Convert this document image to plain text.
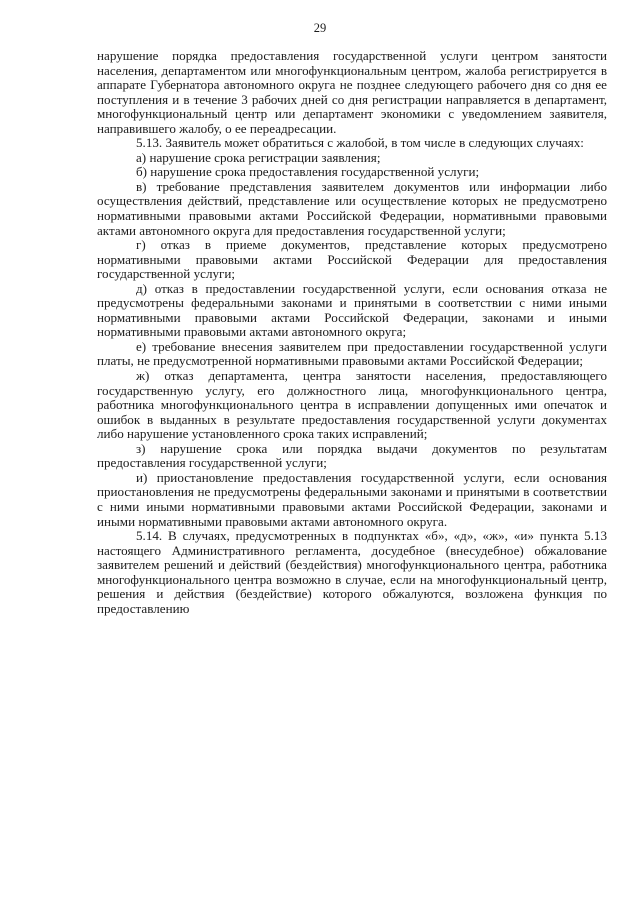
29

нарушение порядка предоставления государственной услуги центром занятости населения, департаментом или многофункциональным центром, жалоба регистрируется в аппарате Губернатора автономного округа не позднее следующего рабочего дня со дня ее поступления и в течение 3 рабочих дней со дня регистрации направляется в департамент, многофункциональный центр или департамент экономики с уведомлением заявителя, направившего жалобу, о ее переадресации.

5.13. Заявитель может обратиться с жалобой, в том числе в следующих случаях:

а) нарушение срока регистрации заявления;

б) нарушение срока предоставления государственной услуги;

в) требование представления заявителем документов или информации либо осуществления действий, представление или осуществление которых не предусмотрено нормативными правовыми актами Российской Федерации, нормативными правовыми актами автономного округа для предоставления государственной услуги;

г) отказ в приеме документов, представление которых предусмотрено нормативными правовыми актами Российской Федерации для предоставления государственной услуги;

д) отказ в предоставлении государственной услуги, если основания отказа не предусмотрены федеральными законами и принятыми в соответствии с ними иными нормативными правовыми актами Российской Федерации, законами и иными нормативными правовыми актами автономного округа;

е) требование внесения заявителем при предоставлении государственной услуги платы, не предусмотренной нормативными правовыми актами Российской Федерации;

ж) отказ департамента, центра занятости населения, предоставляющего государственную услугу, его должностного лица, многофункционального центра, работника многофункционального центра в исправлении допущенных ими опечаток и ошибок в выданных в результате предоставления государственной услуги документах либо нарушение установленного срока таких исправлений;

з) нарушение срока или порядка выдачи документов по результатам предоставления государственной услуги;

и) приостановление предоставления государственной услуги, если основания приостановления не предусмотрены федеральными законами и принятыми в соответствии с ними иными нормативными правовыми актами Российской Федерации, законами и иными нормативными правовыми актами автономного округа.

5.14. В случаях, предусмотренных в подпунктах «б», «д», «ж», «и» пункта 5.13 настоящего Административного регламента, досудебное (внесудебное) обжалование заявителем решений и действий (бездействия) многофункционального центра, работника многофункционального центра возможно в случае, если на многофункциональный центр, решения и действия (бездействие) которого обжалуются, возложена функция по предоставлению
